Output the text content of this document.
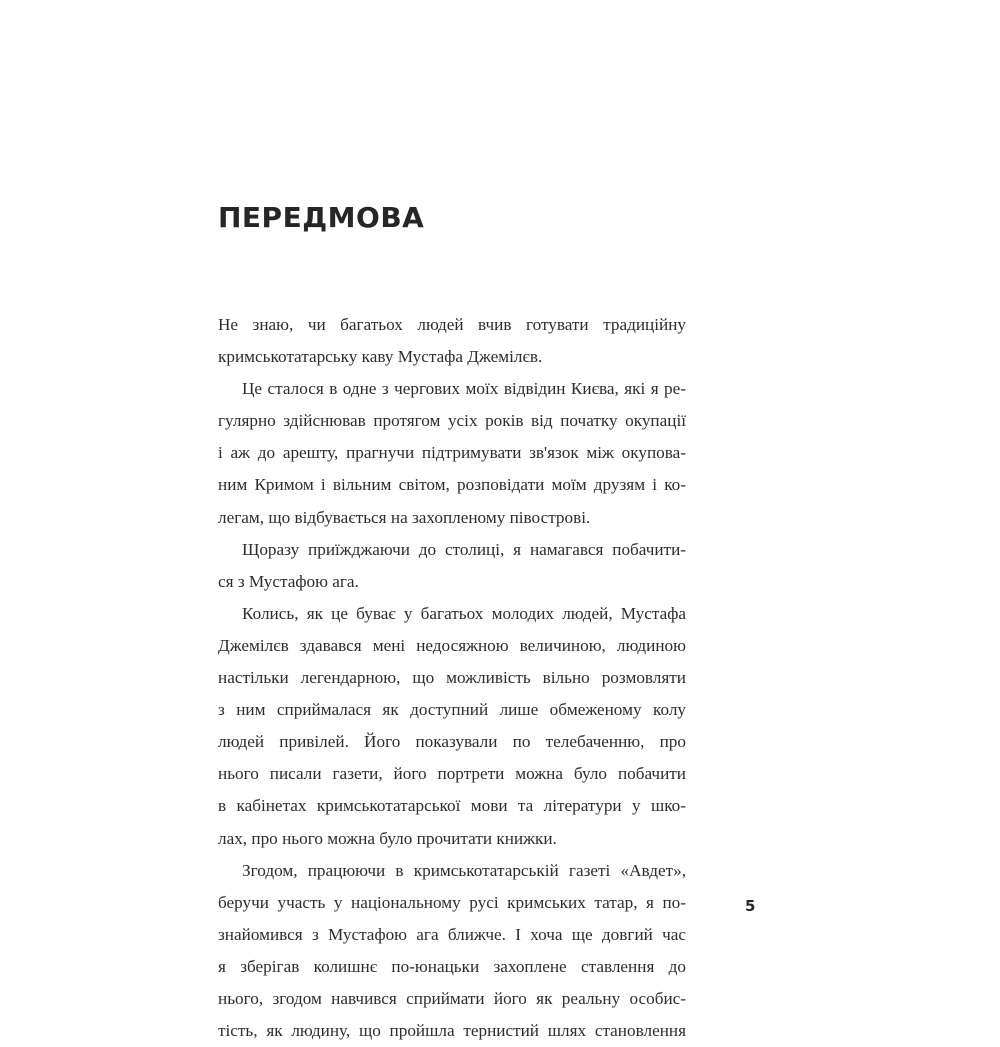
ПЕРЕДМОВА
Не знаю, чи багатьох людей вчив готувати традиційну
кримськотатарську каву Мустафа Джемілєв.
Це сталося в одне з чергових моїх відвідин Києва, які я ре-
гулярно здійснював протягом усіх років від початку окупації
і аж до арешту, прагнучи підтримувати зв'язок між окупова-
ним Кримом і вільним світом, розповідати моїм друзям і ко-
легам, що відбувається на захопленому півострові.
Щоразу приїжджаючи до столиці, я намагався побачити-
ся з Мустафою ага.
Колись, як це буває у багатьох молодих людей, Мустафа
Джемілєв здавався мені недосяжною величиною, людиною
настільки легендарною, що можливість вільно розмовляти
з ним сприймалася як доступний лише обмеженому колу
людей привілей. Його показували по телебаченню, про
нього писали газети, його портрети можна було побачити
в кабінетах кримськотатарської мови та літератури у шко-
лах, про нього можна було прочитати книжки.
Згодом, працюючи в кримськотатарській газеті «Авдет»,
беручи участь у національному русі кримських татар, я по-
знайомився з Мустафою ага ближче. І хоча ще довгий час
я зберігав колишнє по-юнацьки захоплене ставлення до
нього, згодом навчився сприймати його як реальну особис-
тість, як людину, що пройшла тернистий шлях становлення
5
